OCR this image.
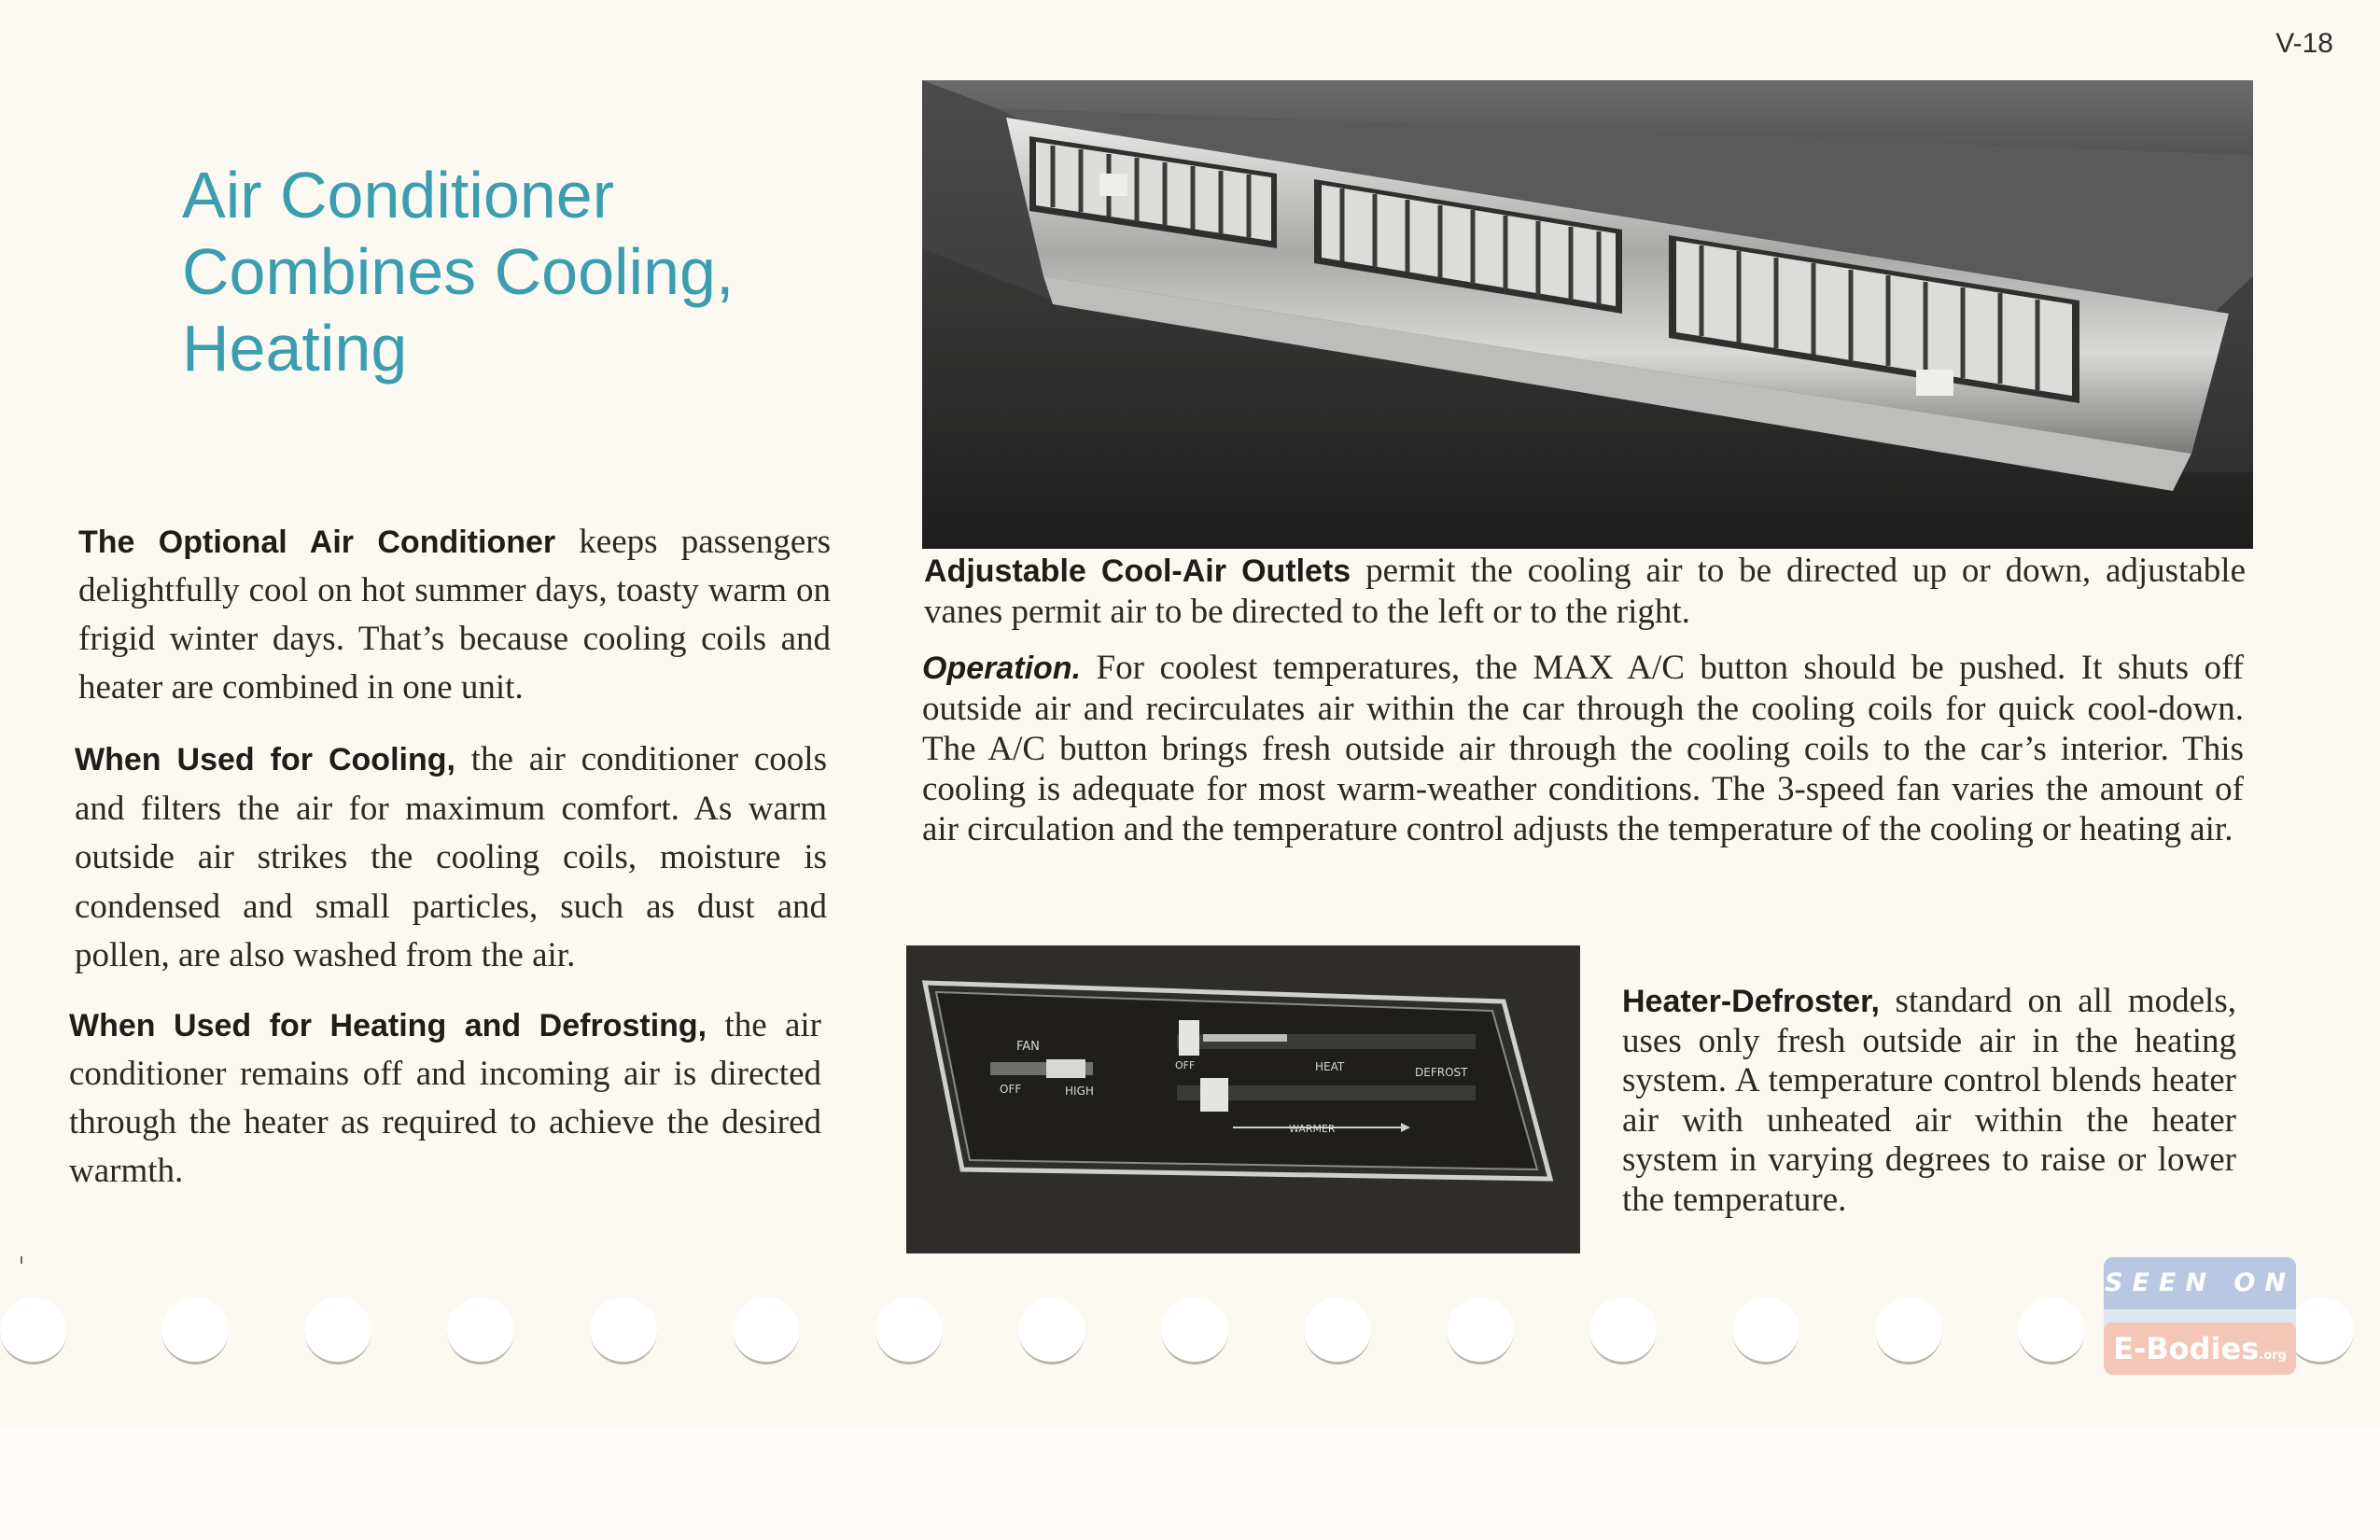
V-18
Air Conditioner
Combines Cooling,
Heating

The Optional Air Conditioner keeps passengers delightfully cool on hot summer days, toasty warm on frigid winter days. That’s because cooling coils and heater are combined in one unit.

When Used for Cooling, the air conditioner cools and filters the air for maximum comfort. As warm outside air strikes the cooling coils, moisture is condensed and small particles, such as dust and pollen, are also washed from the air.

When Used for Heating and Defrosting, the air conditioner remains off and incoming air is directed through the heater as required to achieve the desired warmth.

Adjustable Cool-Air Outlets permit the cooling air to be directed up or down, adjustable vanes permit air to be directed to the left or to the right.

Operation. For coolest temperatures, the MAX A/C button should be pushed. It shuts off outside air and recirculates air within the car through the cooling coils for quick cool-down. The A/C button brings fresh outside air through the cooling coils to the car’s interior. This cooling is adequate for most warm-weather conditions. The 3-speed fan varies the amount of air circulation and the temperature control adjusts the temperature of the cooling or heating air.

FAN
OFF	HIGH
OFF	HEAT	DEFROST
WARMER

Heater-Defroster, standard on all models, uses only fresh outside air in the heating system. A temperature control blends heater air with unheated air within the heater system in varying degrees to raise or lower the temperature.

SEEN ON
E-Bodies.org
